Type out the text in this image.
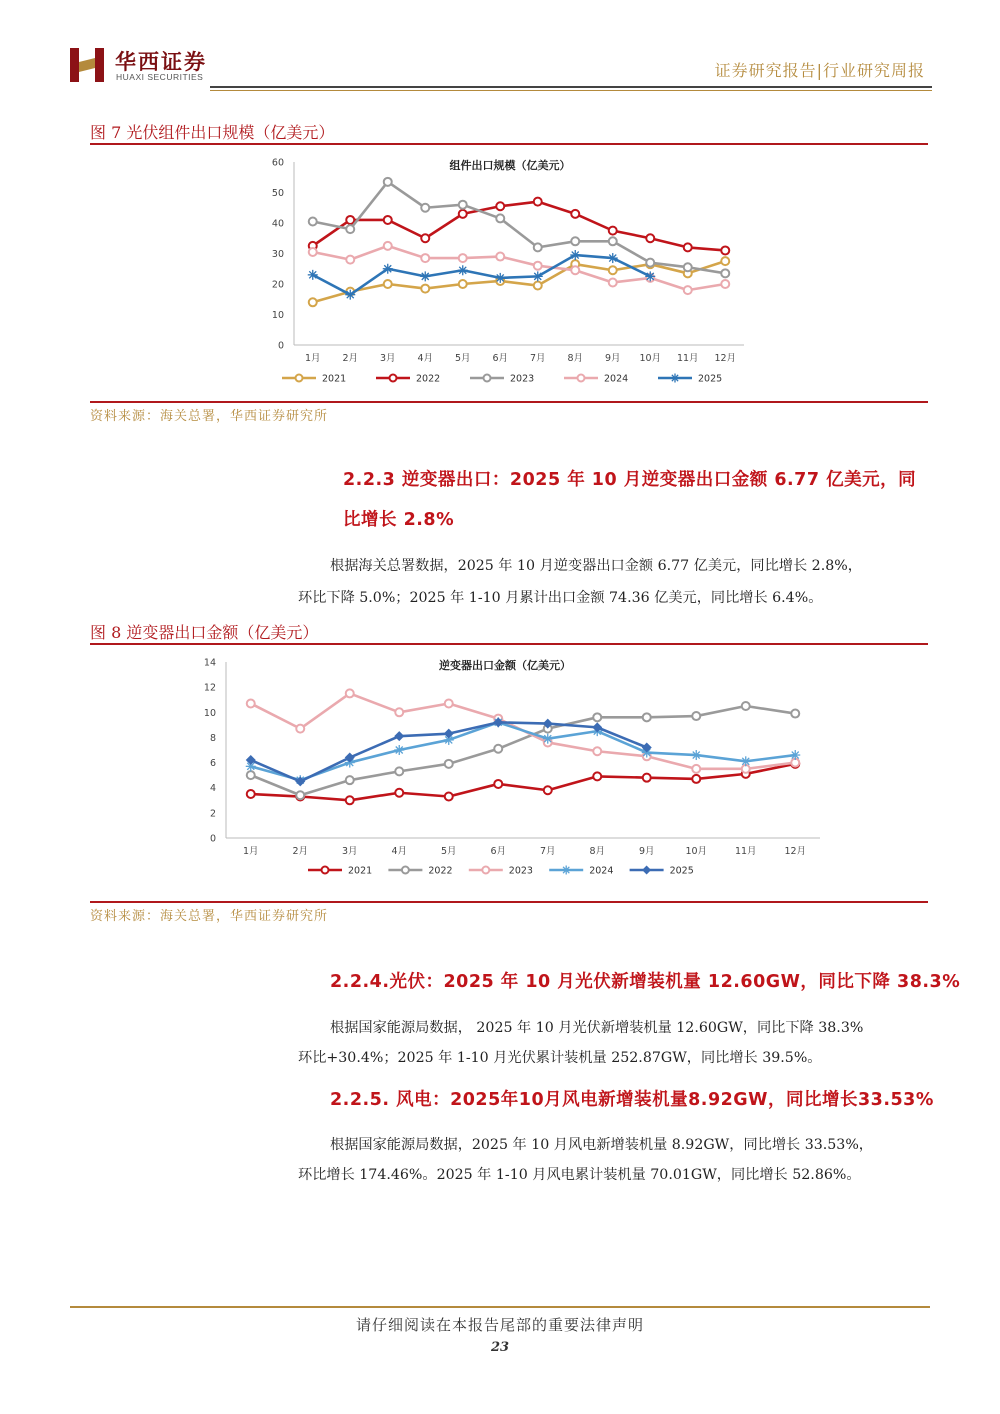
华西证券
HUAXI SECURITIES	证券研究报告|行业研究周报
图 7 光伏组件出口规模（亿美元）
0
10
20
30
40
50
60
1月 2月 3月 4月 5月 6月 7月 8月 9月 10月 11月 12月
组件出口规模（亿美元）
2021	2022	2023	2024	2025
资料来源：海关总署，华西证券研究所
2.2.3 逆变器出口：2025 年 10 月逆变器出口金额 6.77 亿美元，同
比增长 2.8%
根据海关总署数据，2025 年 10 月逆变器出口金额 6.77 亿美元，同比增长 2.8%，
环比下降 5.0%；2025 年 1-10 月累计出口金额 74.36 亿美元，同比增长 6.4%。
图 8 逆变器出口金额（亿美元）
0
2
4
6
8
10
12
14
1月	2月	3月	4月	5月	6月	7月	8月	9月	10月	11月	12月
逆变器出口金额（亿美元）
2021	2022	2023	2024	2025
资料来源：海关总署，华西证券研究所
2.2.4.光伏：2025 年 10 月光伏新增装机量 12.60GW，同比下降 38.3%
根据国家能源局数据， 2025 年 10 月光伏新增装机量 12.60GW，同比下降 38.3%
环比+30.4%；2025 年 1-10 月光伏累计装机量 252.87GW，同比增长 39.5%。
2.2.5. 风电：2025年10月风电新增装机量8.92GW，同比增长33.53%
根据国家能源局数据，2025 年 10 月风电新增装机量 8.92GW，同比增长 33.53%，
环比增长 174.46%。2025 年 1-10 月风电累计装机量 70.01GW，同比增长 52.86%。
请仔细阅读在本报告尾部的重要法律声明
23
